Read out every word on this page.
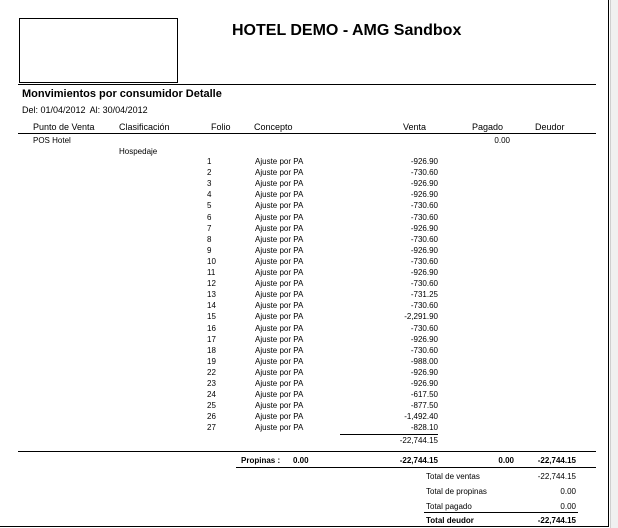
HOTEL DEMO - AMG Sandbox
Monvimientos por consumidor Detalle
Del: 01/04/2012 Al: 30/04/2012
Punto de Venta	Clasificación	Folio	Concepto	Venta	Pagado	Deudor
POS Hotel	0.00
Hospedaje
1	Ajuste por PA	-926.90
2	Ajuste por PA	-730.60
3	Ajuste por PA	-926.90
4	Ajuste por PA	-926.90
5	Ajuste por PA	-730.60
6	Ajuste por PA	-730.60
7	Ajuste por PA	-926.90
8	Ajuste por PA	-730.60
9	Ajuste por PA	-926.90
10	Ajuste por PA	-730.60
11	Ajuste por PA	-926.90
12	Ajuste por PA	-730.60
13	Ajuste por PA	-731.25
14	Ajuste por PA	-730.60
15	Ajuste por PA	-2,291.90
16	Ajuste por PA	-730.60
17	Ajuste por PA	-926.90
18	Ajuste por PA	-730.60
19	Ajuste por PA	-988.00
22	Ajuste por PA	-926.90
23	Ajuste por PA	-926.90
24	Ajuste por PA	-617.50
25	Ajuste por PA	-877.50
26	Ajuste por PA	-1,492.40
27	Ajuste por PA	-828.10
-22,744.15
Propinas : 0.00	-22,744.15	0.00	-22,744.15
Total de ventas	-22,744.15
Total de propinas	0.00
Total pagado	0.00
Total deudor	-22,744.15
